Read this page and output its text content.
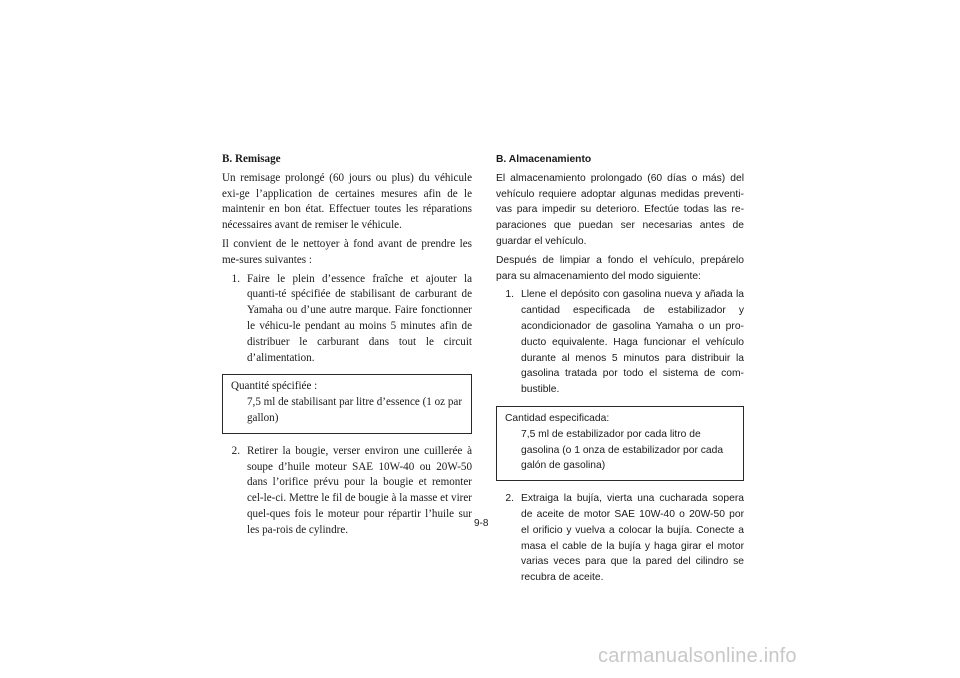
B. Remisage

Un remisage prolongé (60 jours ou plus) du véhicule exi-ge l’application de certaines mesures afin de le maintenir en bon état. Effectuer toutes les réparations nécessaires avant de remiser le véhicule.

Il convient de le nettoyer à fond avant de prendre les me-sures suivantes :

1. Faire le plein d’essence fraîche et ajouter la quanti-té spécifiée de stabilisant de carburant de Yamaha ou d’une autre marque. Faire fonctionner le véhicu-le pendant au moins 5 minutes afin de distribuer le carburant dans tout le circuit d’alimentation.

Quantité spécifiée :

7,5 ml de stabilisant par litre d’essence (1 oz par gallon)

2. Retirer la bougie, verser environ une cuillerée à soupe d’huile moteur SAE 10W-40 ou 20W-50 dans l’orifice prévu pour la bougie et remonter cel-le-ci. Mettre le fil de bougie à la masse et virer quel-ques fois le moteur pour répartir l’huile sur les pa-rois de cylindre.
B. Almacenamiento

El almacenamiento prolongado (60 días o más) del vehículo requiere adoptar algunas medidas preventi-vas para impedir su deterioro. Efectúe todas las re-paraciones que puedan ser necesarias antes de guardar el vehículo.

Después de limpiar a fondo el vehículo, prepárelo para su almacenamiento del modo siguiente:

1. Llene el depósito con gasolina nueva y añada la cantidad especificada de estabilizador y acondicionador de gasolina Yamaha o un pro-ducto equivalente. Haga funcionar el vehículo durante al menos 5 minutos para distribuir la gasolina tratada por todo el sistema de com-bustible.

Cantidad especificada:

7,5 ml de estabilizador por cada litro de gasolina (o 1 onza de estabilizador por cada galón de gasolina)

2. Extraiga la bujía, vierta una cucharada sopera de aceite de motor SAE 10W-40 o 20W-50 por el orificio y vuelva a colocar la bujía. Conecte a masa el cable de la bujía y haga girar el motor varias veces para que la pared del cilindro se recubra de aceite.
9-8
carmanualsonline.info
